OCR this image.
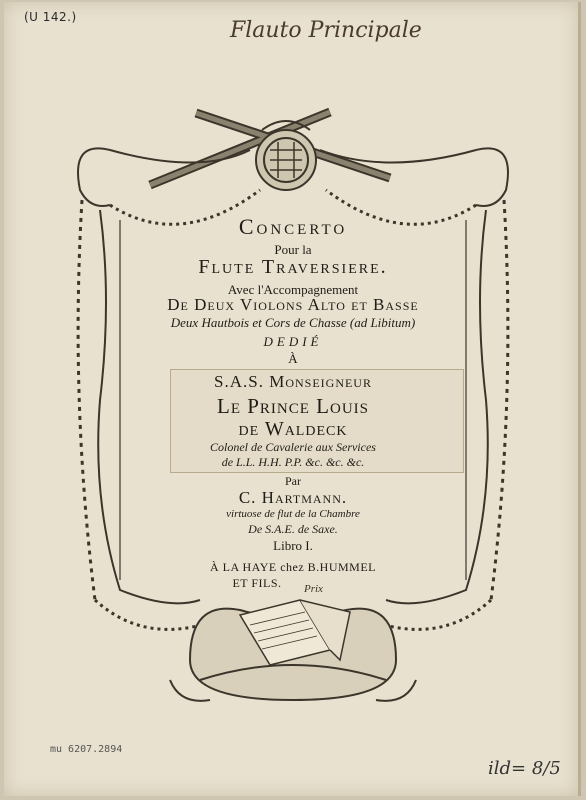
(U 142.)
Flauto Principale
mu 6207.2894
ild= 8/5
Concerto
Pour la
Flute Traversiere.
Avec l'Accompagnement
De Deux Violons Alto et Basse
Deux Hautbois et Cors de Chasse (ad Libitum)
DEDIÉ
À
S.A.S. Monseigneur
Le Prince Louis
de Waldeck
Colonel de Cavalerie aux Services
de L.L. H.H. P.P. &c. &c. &c.
Par
C. Hartmann.
virtuose de flut de la Chambre
De S.A.E. de Saxe.
Libro I.
À LA HAYE chez B.HUMMEL
ET FILS.	Prix
